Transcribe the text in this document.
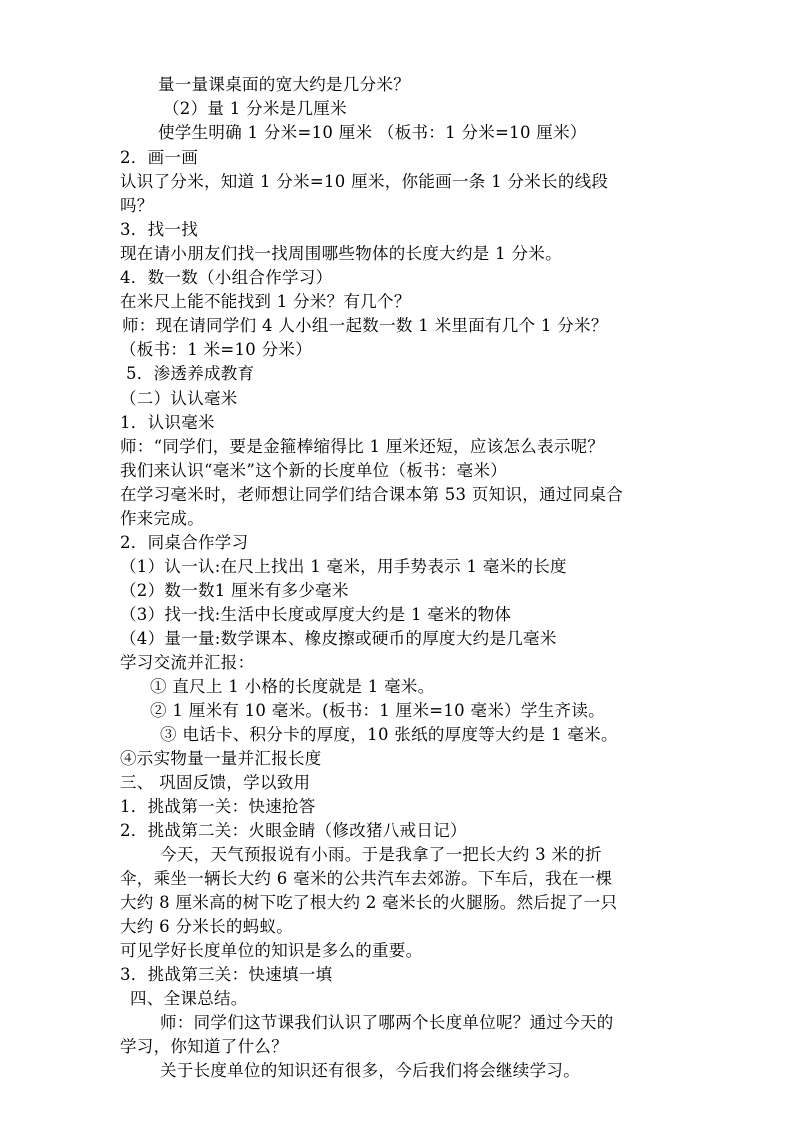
量一量课桌面的宽大约是几分米？
（2）量 1 分米是几厘米
使学生明确 1 分米=10 厘米 （板书：1 分米=10 厘米）
2．画一画
认识了分米，知道 1 分米=10 厘米，你能画一条 1 分米长的线段
吗？
3．找一找
现在请小朋友们找一找周围哪些物体的长度大约是 1 分米。
4．数一数（小组合作学习）
在米尺上能不能找到 1 分米？有几个？
师：现在请同学们 4 人小组一起数一数 1 米里面有几个 1 分米？
（板书：1 米=10 分米）
5．渗透养成教育
（二）认认毫米
1．认识毫米
师：“同学们，要是金箍棒缩得比 1 厘米还短，应该怎么表示呢？
我们来认识“毫米”这个新的长度单位（板书：毫米）
在学习毫米时，老师想让同学们结合课本第 53 页知识，通过同桌合
作来完成。
2．同桌合作学习
（1）认一认:在尺上找出 1 毫米，用手势表示 1 毫米的长度
（2）数一数1 厘米有多少毫米
（3）找一找:生活中长度或厚度大约是 1 毫米的物体
（4）量一量:数学课本、橡皮擦或硬币的厚度大约是几毫米
学习交流并汇报：
① 直尺上 1 小格的长度就是 1 毫米。
② 1 厘米有 10 毫米。(板书：1 厘米=10 毫米）学生齐读。
③ 电话卡、积分卡的厚度，10 张纸的厚度等大约是 1 毫米。
④示实物量一量并汇报长度
三、 巩固反馈，学以致用
1．挑战第一关：快速抢答
2．挑战第二关：火眼金睛（修改猪八戒日记）
今天，天气预报说有小雨。于是我拿了一把长大约 3 米的折
伞，乘坐一辆长大约 6 毫米的公共汽车去郊游。下车后，我在一棵
大约 8 厘米高的树下吃了根大约 2 毫米长的火腿肠。然后捉了一只
大约 6 分米长的蚂蚁。
可见学好长度单位的知识是多么的重要。
3．挑战第三关：快速填一填
四、全课总结。
师：同学们这节课我们认识了哪两个长度单位呢？通过今天的
学习，你知道了什么？
关于长度单位的知识还有很多，今后我们将会继续学习。
